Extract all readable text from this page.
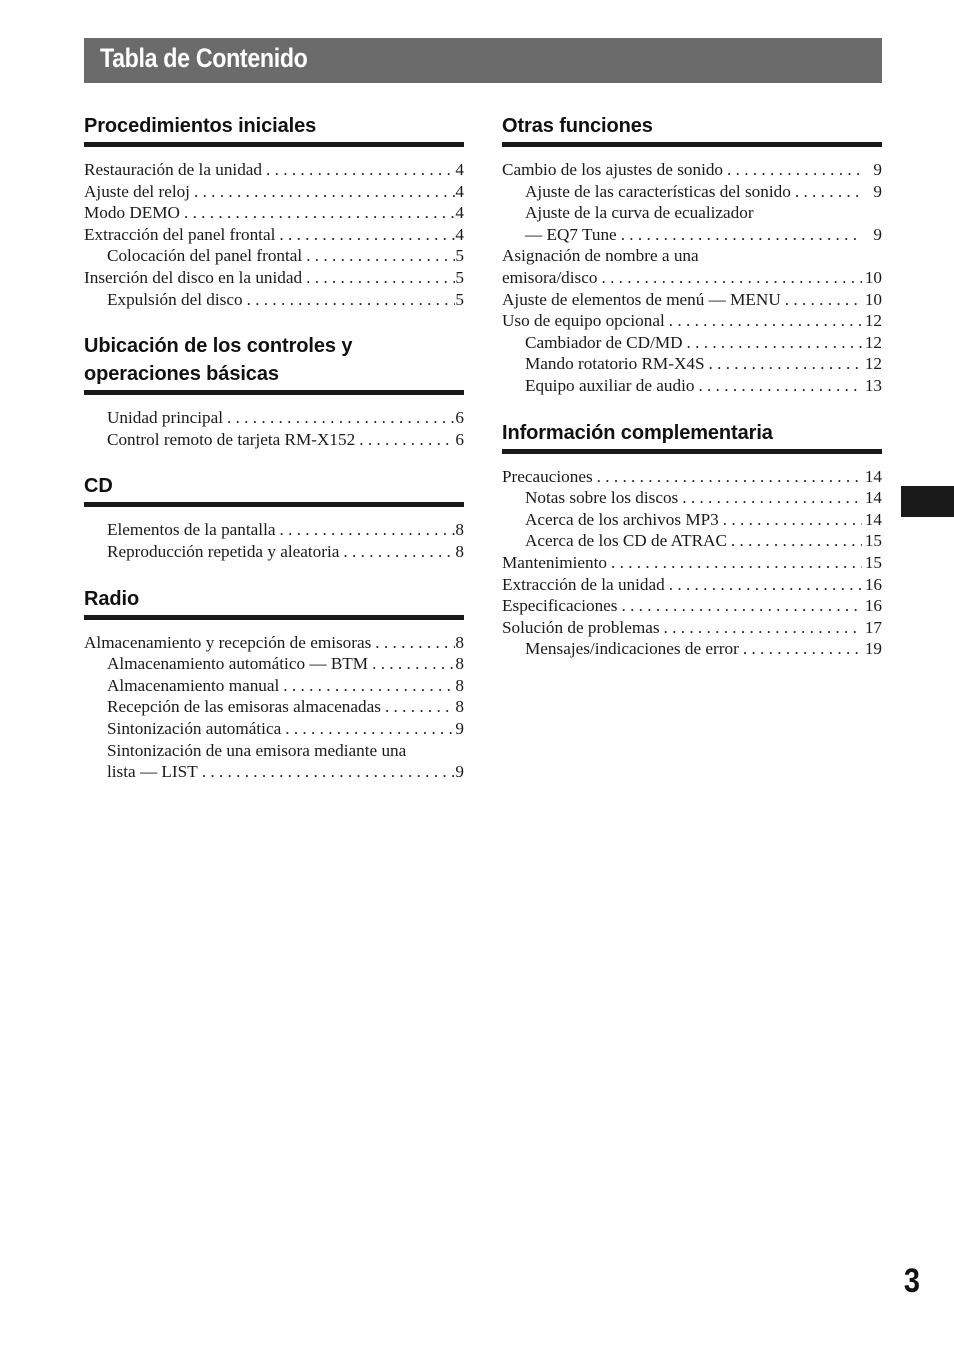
Tabla de Contenido
Procedimientos iniciales
Restauración de la unidad . . .	4
Ajuste del reloj . . .	4
Modo DEMO . . .	4
Extracción del panel frontal . . .	4
Colocación del panel frontal . . .	5
Inserción del disco en la unidad . . .	5
Expulsión del disco . . .	5
Ubicación de los controles y operaciones básicas
Unidad principal . . .	6
Control remoto de tarjeta RM-X152 . . .	6
CD
Elementos de la pantalla . . .	8
Reproducción repetida y aleatoria . . .	8
Radio
Almacenamiento y recepción de emisoras . . .	8
Almacenamiento automático — BTM . . .	8
Almacenamiento manual . . .	8
Recepción de las emisoras almacenadas . . .	8
Sintonización automática . . .	9
Sintonización de una emisora mediante una
lista — LIST . . .	9
Otras funciones
Cambio de los ajustes de sonido . . .	9
Ajuste de las características del sonido . . .	9
Ajuste de la curva de ecualizador
— EQ7 Tune . . .	9
Asignación de nombre a una
emisora/disco . . .	10
Ajuste de elementos de menú — MENU . . .	10
Uso de equipo opcional . . .	12
Cambiador de CD/MD . . .	12
Mando rotatorio RM-X4S . . .	12
Equipo auxiliar de audio . . .	13
Información complementaria
Precauciones . . .	14
Notas sobre los discos . . .	14
Acerca de los archivos MP3 . . .	14
Acerca de los CD de ATRAC . . .	15
Mantenimiento . . .	15
Extracción de la unidad . . .	16
Especificaciones . . .	16
Solución de problemas . . .	17
Mensajes/indicaciones de error . . .	19
3
